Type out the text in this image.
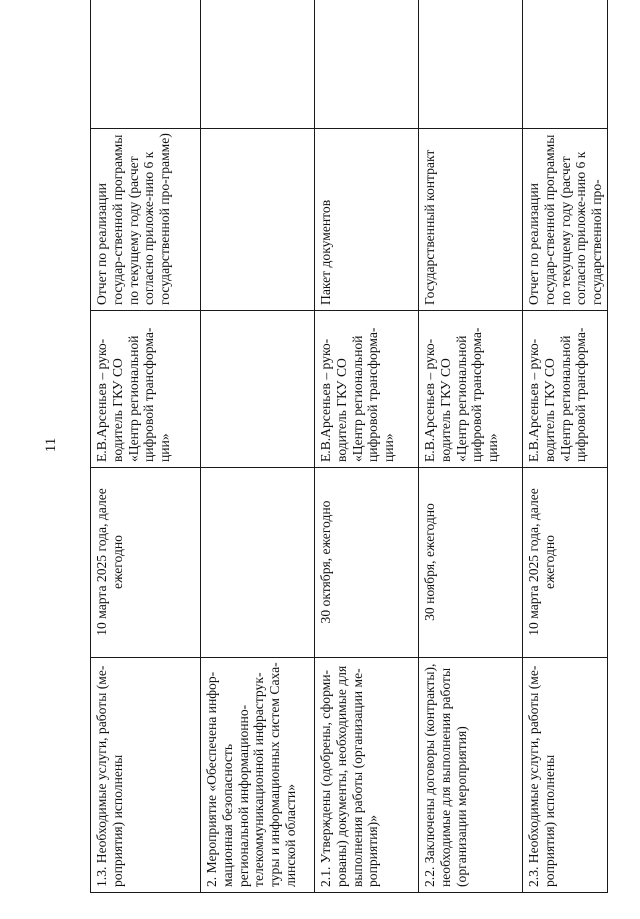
11
1.3. Необходимые услуги, работы (ме-роприятия) исполнены	10 марта 2025 года, далее ежегодно	Е.В.Арсеньев – руко-водитель ГКУ СО «Центр региональной цифровой трансформа-ции»	Отчет по реализации государ-ственной программы по текущему году (расчет согласно приложе-нию 6 к государственной про-грамме)	
2. Мероприятие «Обеспечена инфор-мационная безопасность региональной информационно-телекоммуникационной инфраструк-туры и информационных систем Саха-линской области»				
2.1. Утверждены (одобрены, сформи-рованы) документы, необходимые для выполнения работы (организации ме-роприятия)»	30 октября, ежегодно	Е.В.Арсеньев – руко-водитель ГКУ СО «Центр региональной цифровой трансформа-ции»	Пакет документов	
2.2. Заключены договоры (контракты), необходимые для выполнения работы (организации мероприятия)	30 ноября, ежегодно	Е.В.Арсеньев – руко-водитель ГКУ СО «Центр региональной цифровой трансформа-ции»	Государственный контракт	
2.3. Необходимые услуги, работы (ме-роприятия) исполнены	10 марта 2025 года, далее ежегодно	Е.В.Арсеньев – руко-водитель ГКУ СО «Центр региональной цифровой трансформа-	Отчет по реализации государ-ственной программы по текущему году (расчет согласно приложе-нию 6 к государственной про-	
